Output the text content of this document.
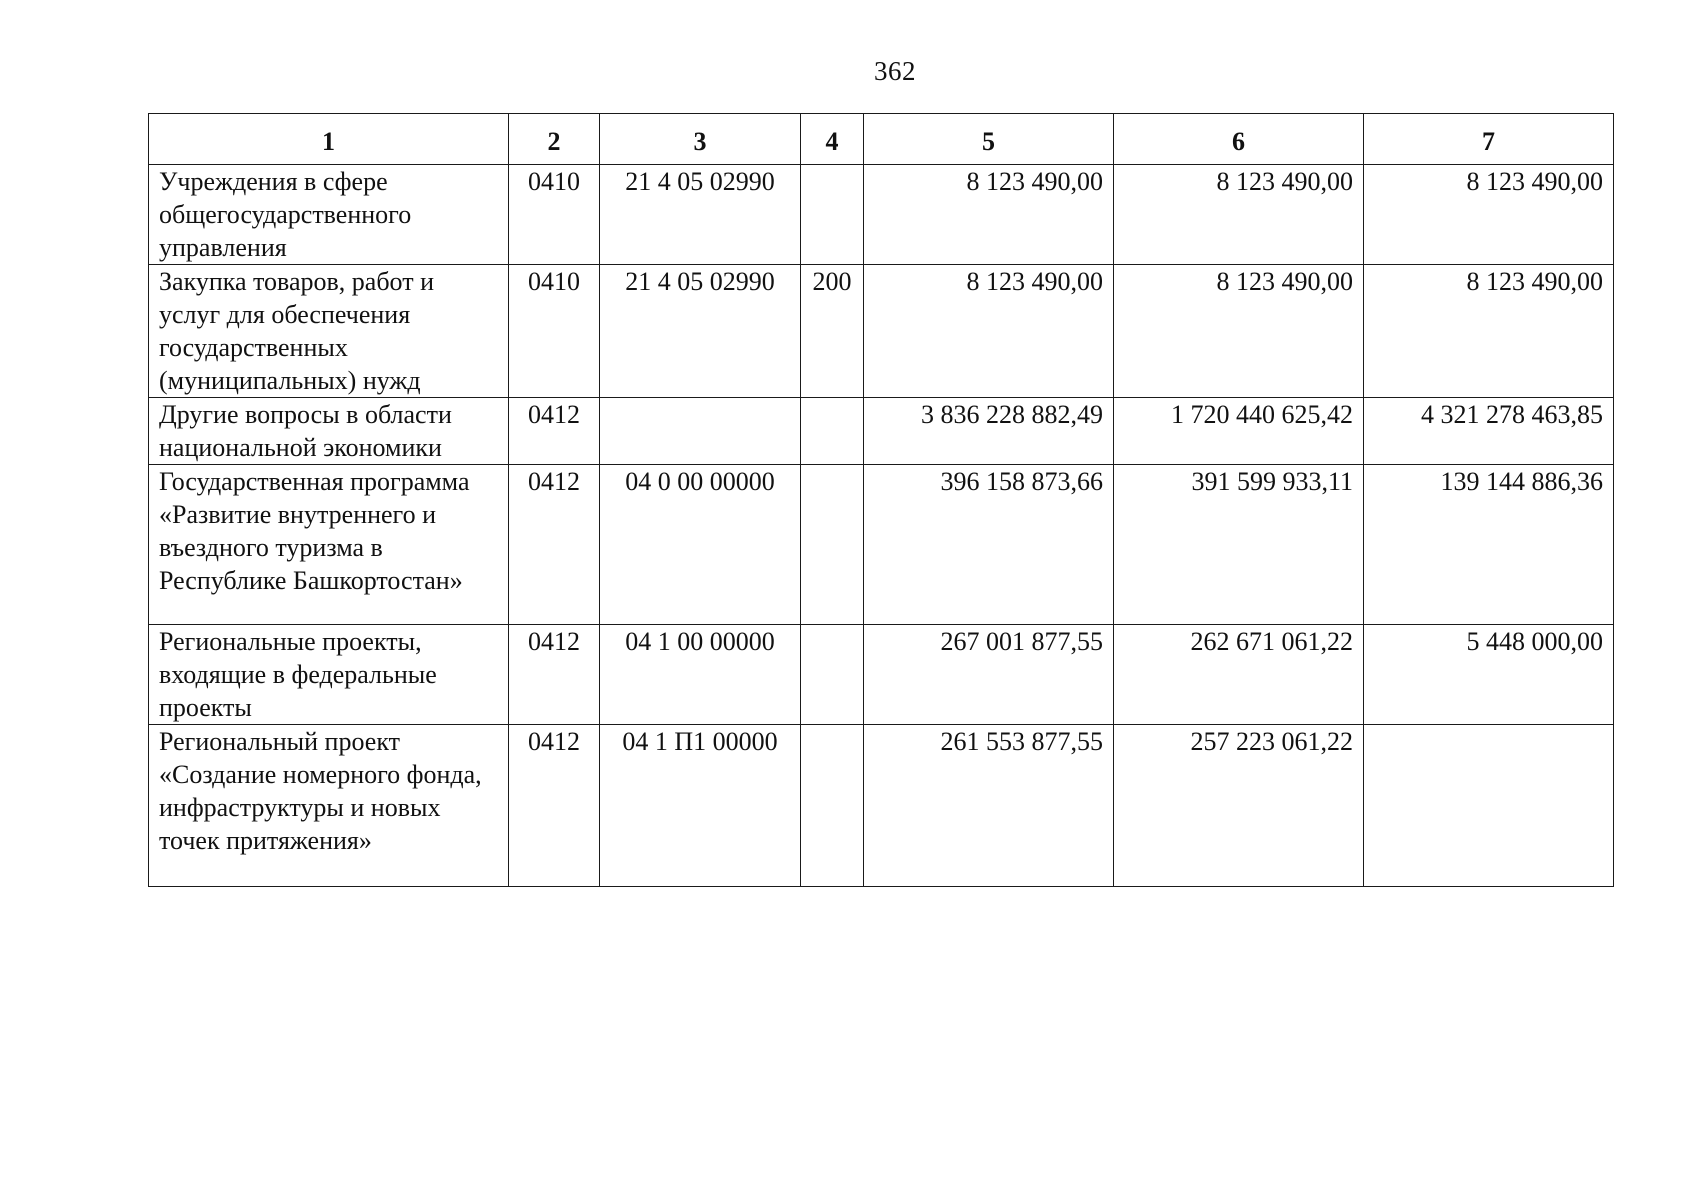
362
1	2	3	4	5	6	7
Учреждения в сфере общегосударственного управления	0410	21 4 05 02990		8 123 490,00	8 123 490,00	8 123 490,00
Закупка товаров, работ и услуг для обеспечения государственных (муниципальных) нужд	0410	21 4 05 02990	200	8 123 490,00	8 123 490,00	8 123 490,00
Другие вопросы в области национальной экономики	0412			3 836 228 882,49	1 720 440 625,42	4 321 278 463,85
Государственная программа «Развитие внутреннего и въездного туризма в Республике Башкортостан»	0412	04 0 00 00000		396 158 873,66	391 599 933,11	139 144 886,36
Региональные проекты, входящие в федеральные проекты	0412	04 1 00 00000		267 001 877,55	262 671 061,22	5 448 000,00
Региональный проект «Создание номерного фонда, инфраструктуры и новых точек притяжения»	0412	04 1 П1 00000		261 553 877,55	257 223 061,22	
